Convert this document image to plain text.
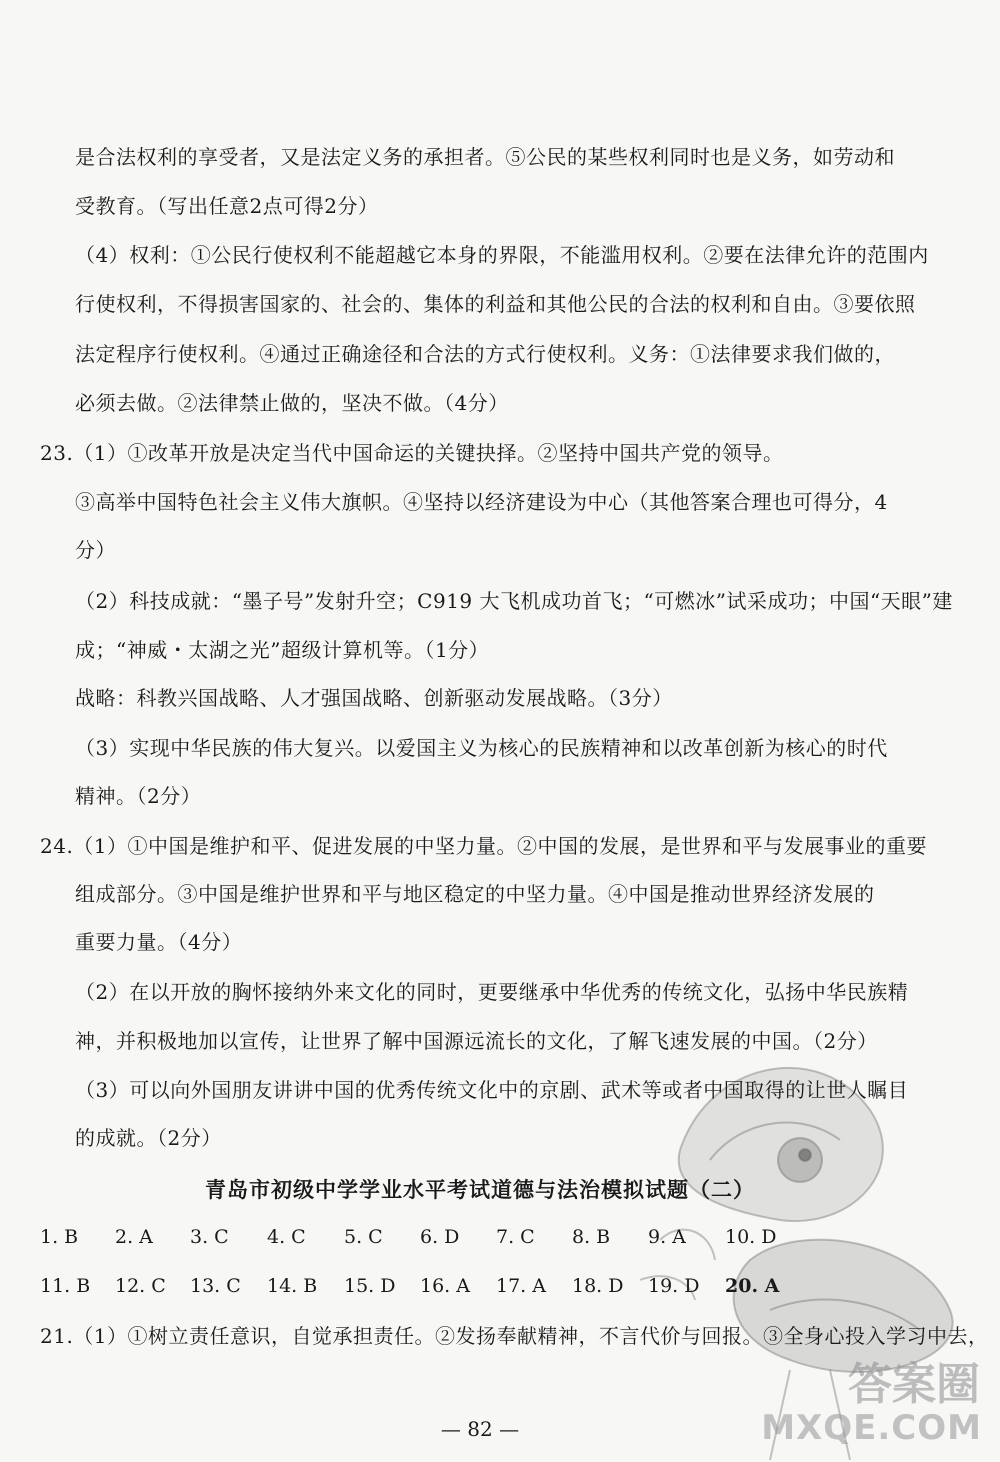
是合法权利的享受者，又是法定义务的承担者。⑤公民的某些权利同时也是义务，如劳动和
受教育。（写出任意2点可得2分）
（4）权利：①公民行使权利不能超越它本身的界限，不能滥用权利。②要在法律允许的范围内
行使权利，不得损害国家的、社会的、集体的利益和其他公民的合法的权利和自由。③要依照
法定程序行使权利。④通过正确途径和合法的方式行使权利。义务：①法律要求我们做的，
必须去做。②法律禁止做的，坚决不做。（4分）
23.（1）①改革开放是决定当代中国命运的关键抉择。②坚持中国共产党的领导。
③高举中国特色社会主义伟大旗帜。④坚持以经济建设为中心（其他答案合理也可得分，4
分）
（2）科技成就：“墨子号”发射升空；C919 大飞机成功首飞；“可燃冰”试采成功；中国“天眼”建
成；“神威・太湖之光”超级计算机等。（1分）
战略：科教兴国战略、人才强国战略、创新驱动发展战略。（3分）
（3）实现中华民族的伟大复兴。以爱国主义为核心的民族精神和以改革创新为核心的时代
精神。（2分）
24.（1）①中国是维护和平、促进发展的中坚力量。②中国的发展，是世界和平与发展事业的重要
组成部分。③中国是维护世界和平与地区稳定的中坚力量。④中国是推动世界经济发展的
重要力量。（4分）
（2）在以开放的胸怀接纳外来文化的同时，更要继承中华优秀的传统文化，弘扬中华民族精
神，并积极地加以宣传，让世界了解中国源远流长的文化，了解飞速发展的中国。（2分）
（3）可以向外国朋友讲讲中国的优秀传统文化中的京剧、武术等或者中国取得的让世人瞩目
的成就。（2分）
青岛市初级中学学业水平考试道德与法治模拟试题（二）
1. B 2. A 3. C 4. C 5. C 6. D 7. C 8. B 9. A 10. D
11. B 12. C 13. C 14. B 15. D 16. A 17. A 18. D 19. D 20. A
21.（1）①树立责任意识，自觉承担责任。②发扬奉献精神，不言代价与回报。③全身心投入学习中去，
— 82 —
答案圈
MXQE.COM
